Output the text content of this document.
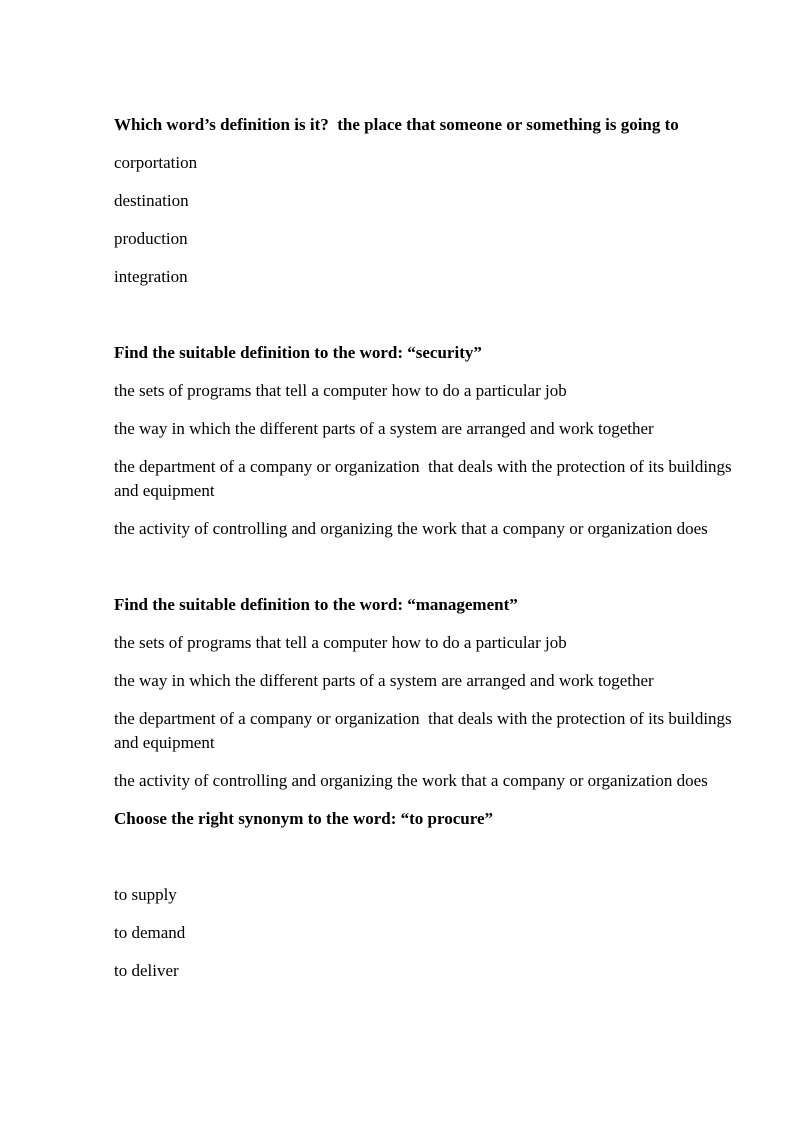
Which word’s definition is it?  the place that someone or something is going to

corportation

destination

production

integration

Find the suitable definition to the word: “security”

the sets of programs that tell a computer how to do a particular job

the way in which the different parts of a system are arranged and work together

the department of a company or organization  that deals with the protection of its buildings and equipment

the activity of controlling and organizing the work that a company or organization does

Find the suitable definition to the word: “management”

the sets of programs that tell a computer how to do a particular job

the way in which the different parts of a system are arranged and work together

the department of a company or organization  that deals with the protection of its buildings and equipment

the activity of controlling and organizing the work that a company or organization does

Choose the right synonym to the word: “to procure”

to supply

to demand

to deliver
